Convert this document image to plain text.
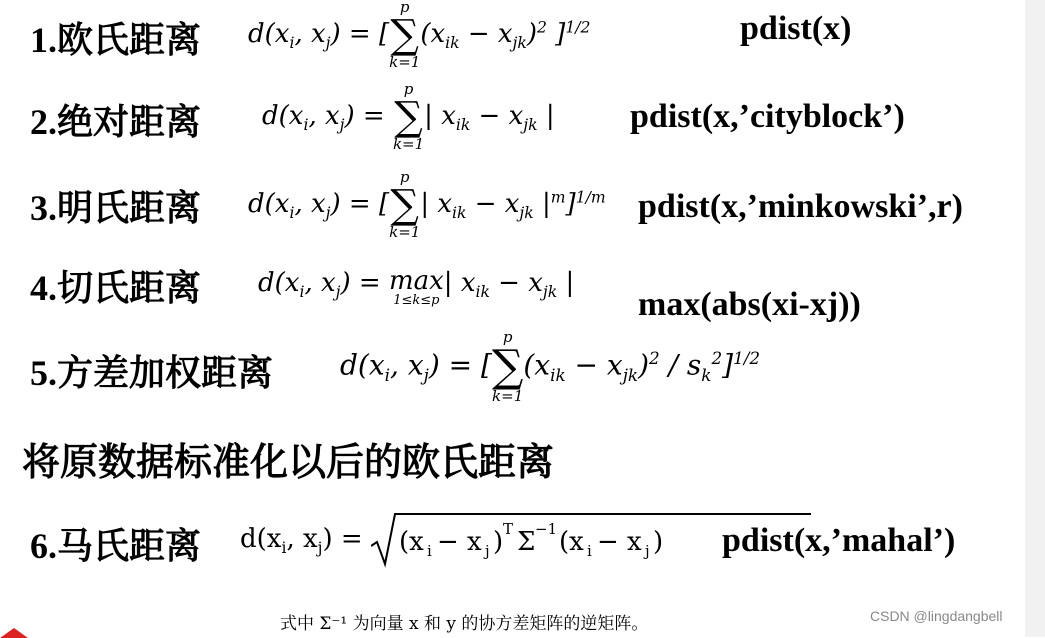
1.欧氏距离 $d(x_i$, $x_j$) = [
p
∑
k=1
$(x_{ik} - x_{jk})^2$ ]$^{1/2}$	pdist(x)
2.绝对距离 $d(x_i$, $x_j$) =
p
∑
k=1
| $x_{ik} - x_{jk}$ | pdist(x,’cityblock’)
3.明氏距离 $d(x_i$, $x_j$) = [
p
∑
k=1
| $x_{ik} - x_{jk}$ $|^m]^{1/m}$ pdist(x,’minkowski’,r)
4.切氏距离 $d(x_i$, $x_j) = \max$
1≤k≤p
| $x_{ik} - x_{jk}$ |
max(abs(xi-xj))
5.方差加权距离 $d(x_i$, $x_j$) = [
p
∑
k=1
$(x_{ik} - x_{jk})^2 / s_k^2]^{1/2}$
将原数据标准化以后的欧氏距离
6.马氏距离 $d(x_i$, $x_j) = (x$ i − x j ) T Σ −1 (x i − x j ) pdist(x,’mahal’)
式中 Σ⁻¹ 为向量 x 和 y 的协方差矩阵的逆矩阵。	CSDN @lingdangbell
